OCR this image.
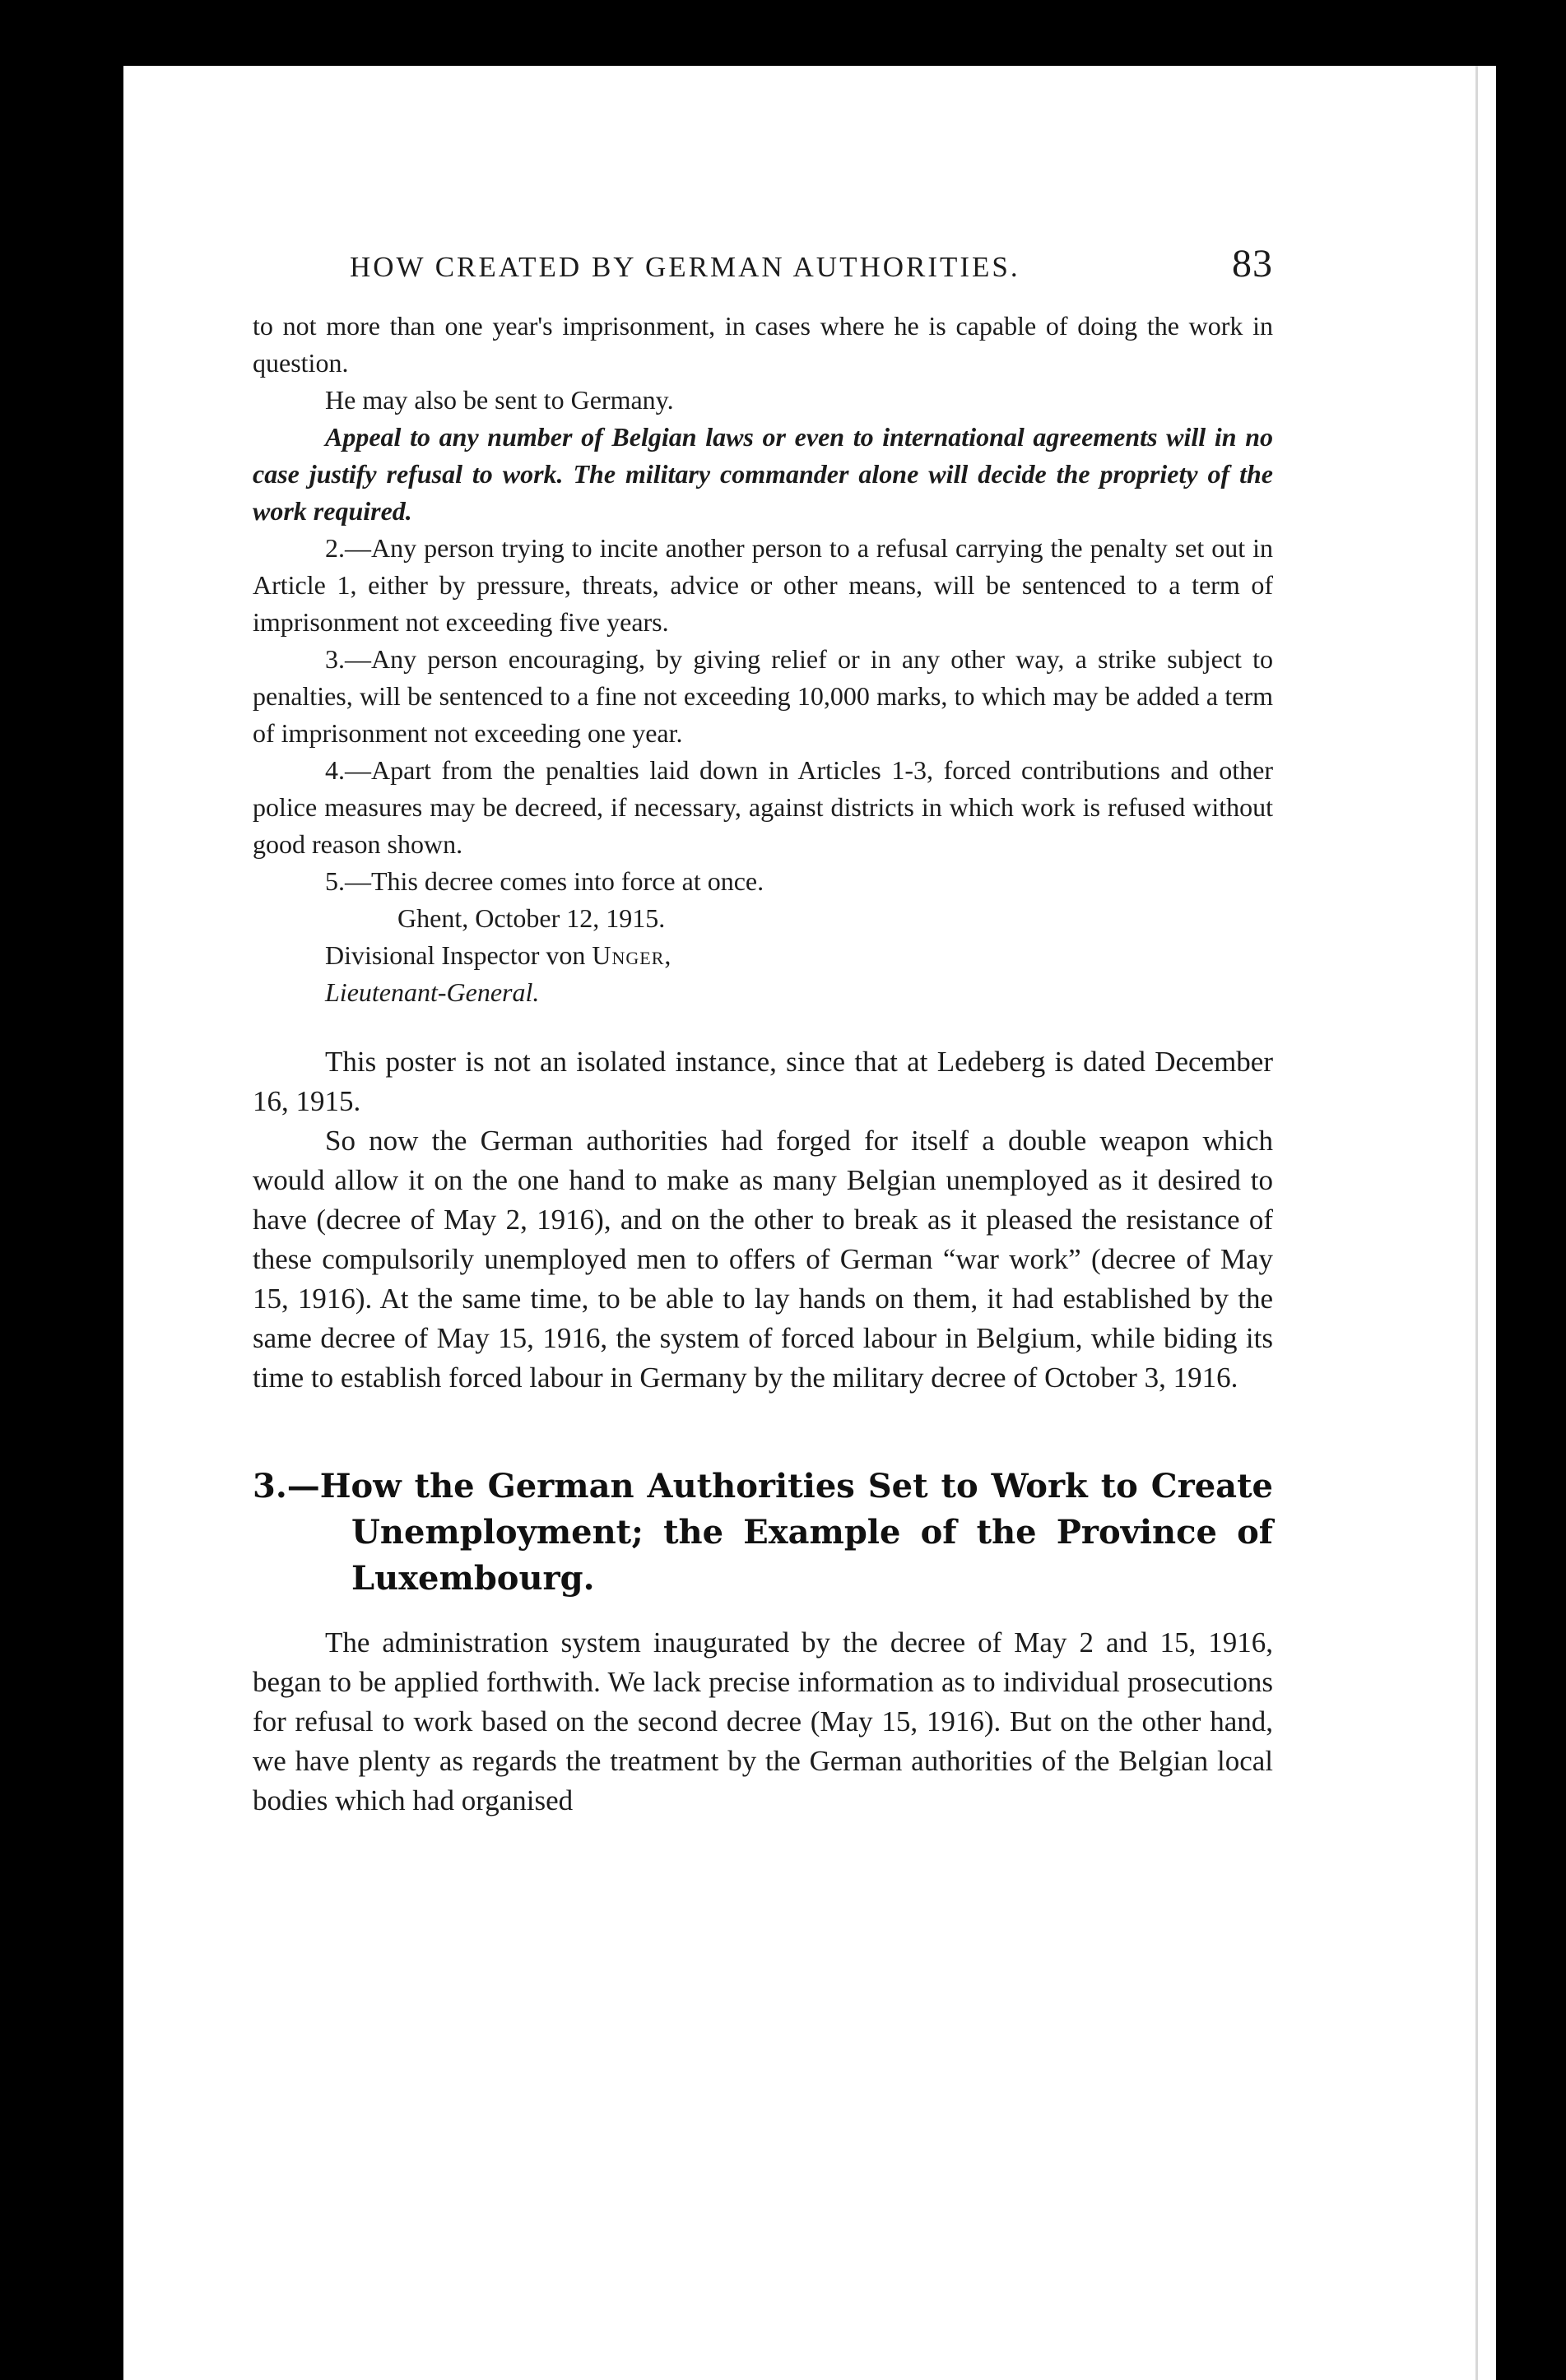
HOW CREATED BY GERMAN AUTHORITIES.	83

to not more than one year's imprisonment, in cases where he is capable of doing the work in question.

He may also be sent to Germany.

Appeal to any number of Belgian laws or even to international agreements will in no case justify refusal to work. The military commander alone will decide the propriety of the work required.

2.—Any person trying to incite another person to a refusal carrying the penalty set out in Article 1, either by pressure, threats, advice or other means, will be sentenced to a term of imprisonment not exceeding five years.

3.—Any person encouraging, by giving relief or in any other way, a strike subject to penalties, will be sentenced to a fine not exceeding 10,000 marks, to which may be added a term of imprisonment not exceeding one year.

4.—Apart from the penalties laid down in Articles 1-3, forced contributions and other police measures may be decreed, if necessary, against districts in which work is refused without good reason shown.

5.—This decree comes into force at once.

Ghent, October 12, 1915.

Divisional Inspector von Unger,

Lieutenant-General.

This poster is not an isolated instance, since that at Ledeberg is dated December 16, 1915.

So now the German authorities had forged for itself a double weapon which would allow it on the one hand to make as many Belgian unemployed as it desired to have (decree of May 2, 1916), and on the other to break as it pleased the resistance of these compulsorily unemployed men to offers of German “war work” (decree of May 15, 1916). At the same time, to be able to lay hands on them, it had established by the same decree of May 15, 1916, the system of forced labour in Belgium, while biding its time to establish forced labour in Germany by the military decree of October 3, 1916.

3.—How the German Authorities Set to Work to Create Unemployment; the Example of the Province of Luxembourg.

The administration system inaugurated by the decree of May 2 and 15, 1916, began to be applied forthwith. We lack precise information as to individual prosecutions for refusal to work based on the second decree (May 15, 1916). But on the other hand, we have plenty as regards the treatment by the German authorities of the Belgian local bodies which had organised
